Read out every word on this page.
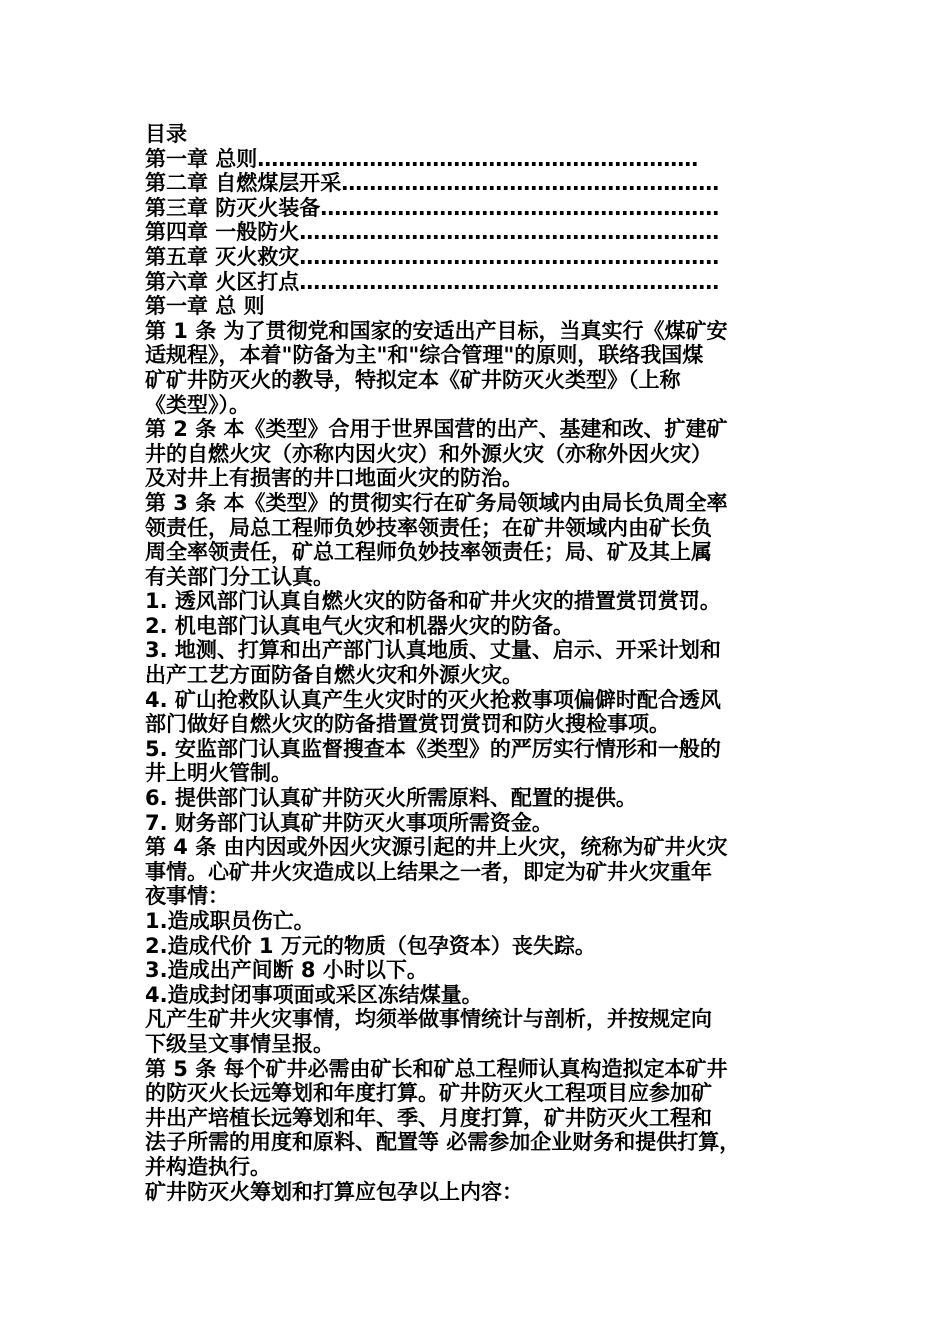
目录
第一章 总则………………………………………………………
第二章 自燃煤层开采………………………………………………
第三章 防灭火装备…………………………………………………
第四章 一般防火……………………………………………………
第五章 灭火救灾……………………………………………………
第六章 火区打点……………………………………………………
第一章 总 则
第 1 条 为了贯彻党和国家的安适出产目标，当真实行《煤矿安
适规程》，本着"防备为主"和"综合管理"的原则，联络我国煤
矿矿井防灭火的教导，特拟定本《矿井防灭火类型》（上称
《类型》）。
第 2 条 本《类型》合用于世界国营的出产、基建和改、扩建矿
井的自燃火灾（亦称内因火灾）和外源火灾（亦称外因火灾）
及对井上有损害的井口地面火灾的防治。
第 3 条 本《类型》的贯彻实行在矿务局领域内由局长负周全率
领责任，局总工程师负妙技率领责任；在矿井领域内由矿长负
周全率领责任，矿总工程师负妙技率领责任；局、矿及其上属
有关部门分工认真。
1. 透风部门认真自燃火灾的防备和矿井火灾的措置赏罚赏罚。
2. 机电部门认真电气火灾和机器火灾的防备。
3. 地测、打算和出产部门认真地质、丈量、启示、开采计划和
出产工艺方面防备自燃火灾和外源火灾。
4. 矿山抢救队认真产生火灾时的灭火抢救事项偏僻时配合透风
部门做好自燃火灾的防备措置赏罚赏罚和防火搜检事项。
5. 安监部门认真监督搜查本《类型》的严厉实行情形和一般的
井上明火管制。
6. 提供部门认真矿井防灭火所需原料、配置的提供。
7. 财务部门认真矿井防灭火事项所需资金。
第 4 条 由内因或外因火灾源引起的井上火灾，统称为矿井火灾
事情。心矿井火灾造成以上结果之一者，即定为矿井火灾重年
夜事情：
1.造成职员伤亡。
2.造成代价 1 万元的物质（包孕资本）丧失踪。
3.造成出产间断 8 小时以下。
4.造成封闭事项面或采区冻结煤量。
凡产生矿井火灾事情，均须举做事情统计与剖析，并按规定向
下级呈文事情呈报。
第 5 条 每个矿井必需由矿长和矿总工程师认真构造拟定本矿井
的防灭火长远筹划和年度打算。矿井防灭火工程项目应参加矿
井出产培植长远筹划和年、季、月度打算，矿井防灭火工程和
法子所需的用度和原料、配置等 必需参加企业财务和提供打算，
并构造执行。
矿井防灭火筹划和打算应包孕以上内容：
